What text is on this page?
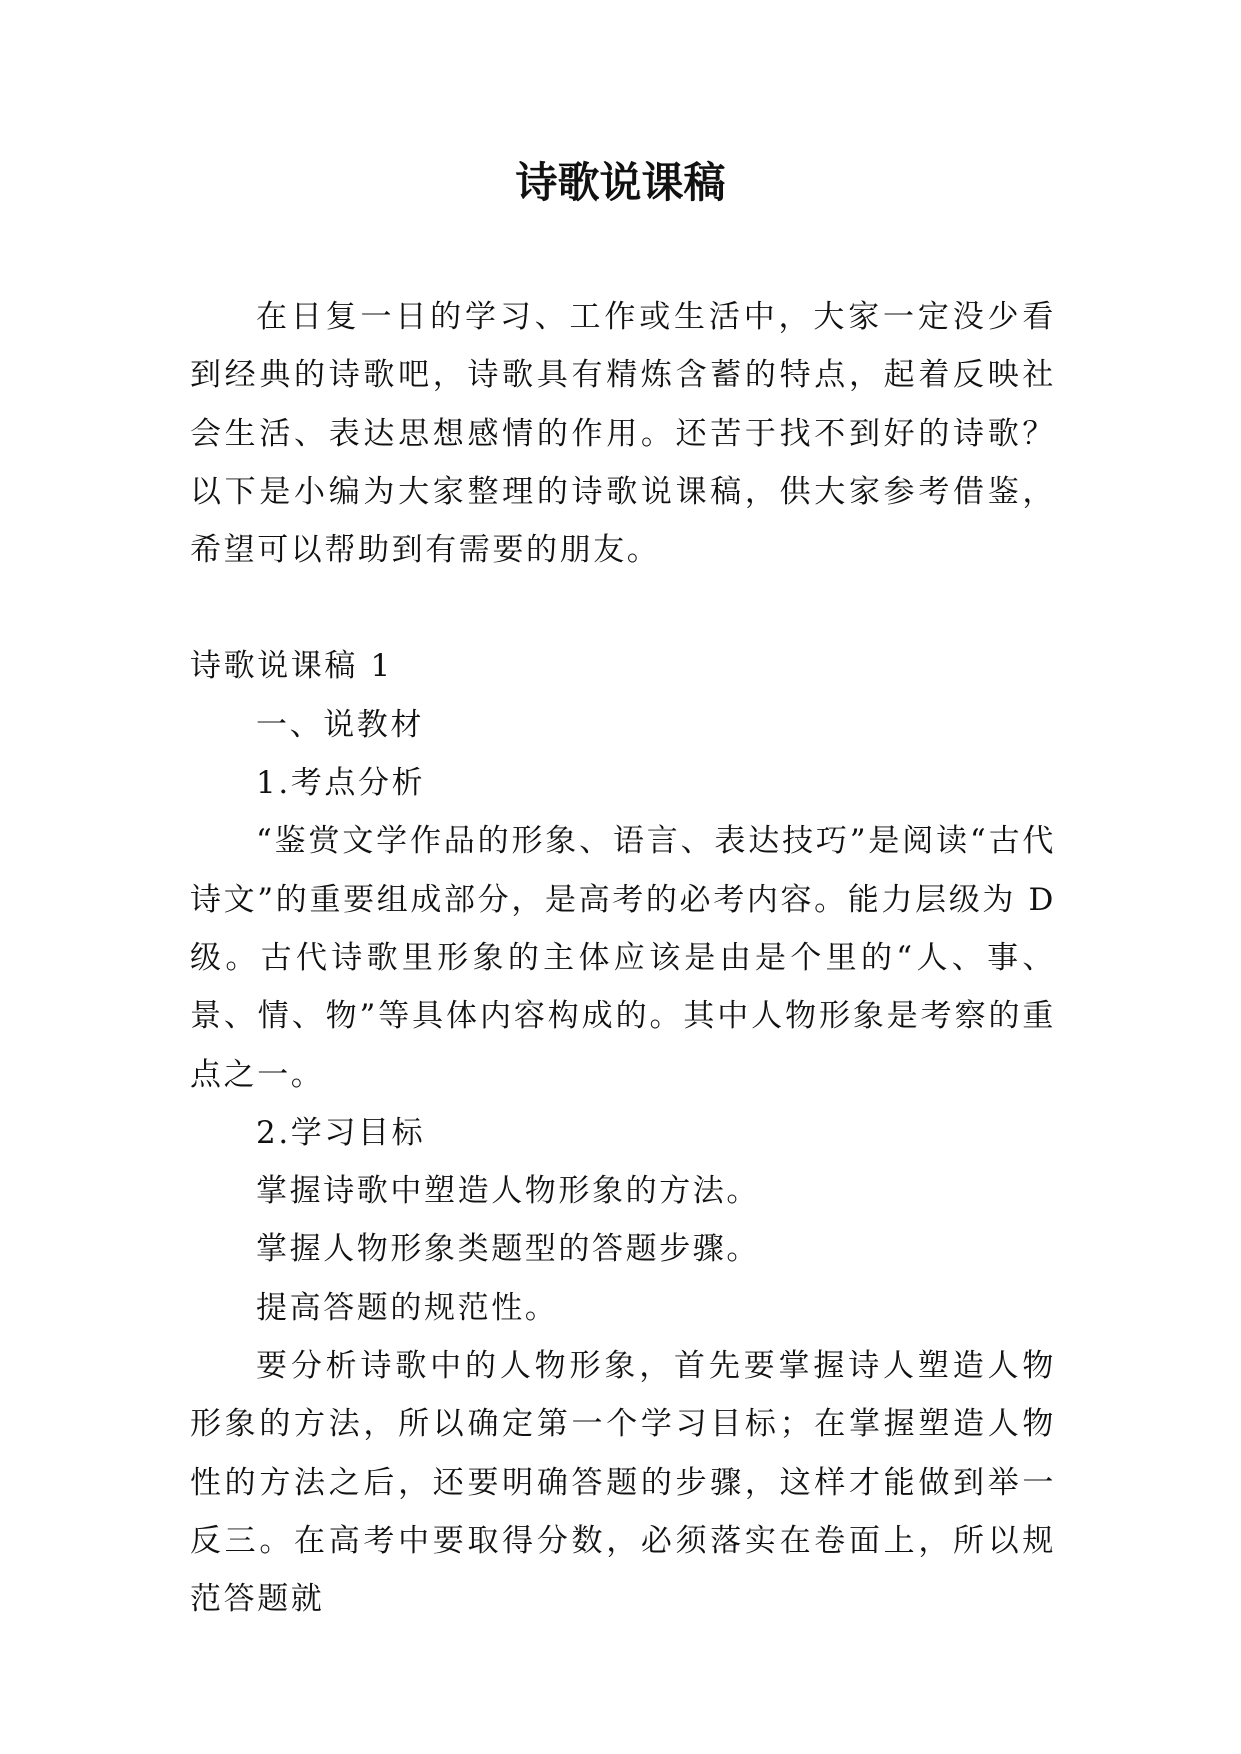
诗歌说课稿

在日复一日的学习、工作或生活中，大家一定没少看到经典的诗歌吧，诗歌具有精炼含蓄的特点，起着反映社会生活、表达思想感情的作用。还苦于找不到好的诗歌？以下是小编为大家整理的诗歌说课稿，供大家参考借鉴，希望可以帮助到有需要的朋友。

诗歌说课稿 1

一、说教材

1.考点分析

“鉴赏文学作品的形象、语言、表达技巧”是阅读“古代诗文”的重要组成部分，是高考的必考内容。能力层级为 D 级。古代诗歌里形象的主体应该是由是个里的“人、事、景、情、物”等具体内容构成的。其中人物形象是考察的重点之一。

2.学习目标

掌握诗歌中塑造人物形象的方法。

掌握人物形象类题型的答题步骤。

提高答题的规范性。

要分析诗歌中的人物形象，首先要掌握诗人塑造人物形象的方法，所以确定第一个学习目标；在掌握塑造人物性的方法之后，还要明确答题的步骤，这样才能做到举一反三。在高考中要取得分数，必须落实在卷面上，所以规范答题就
